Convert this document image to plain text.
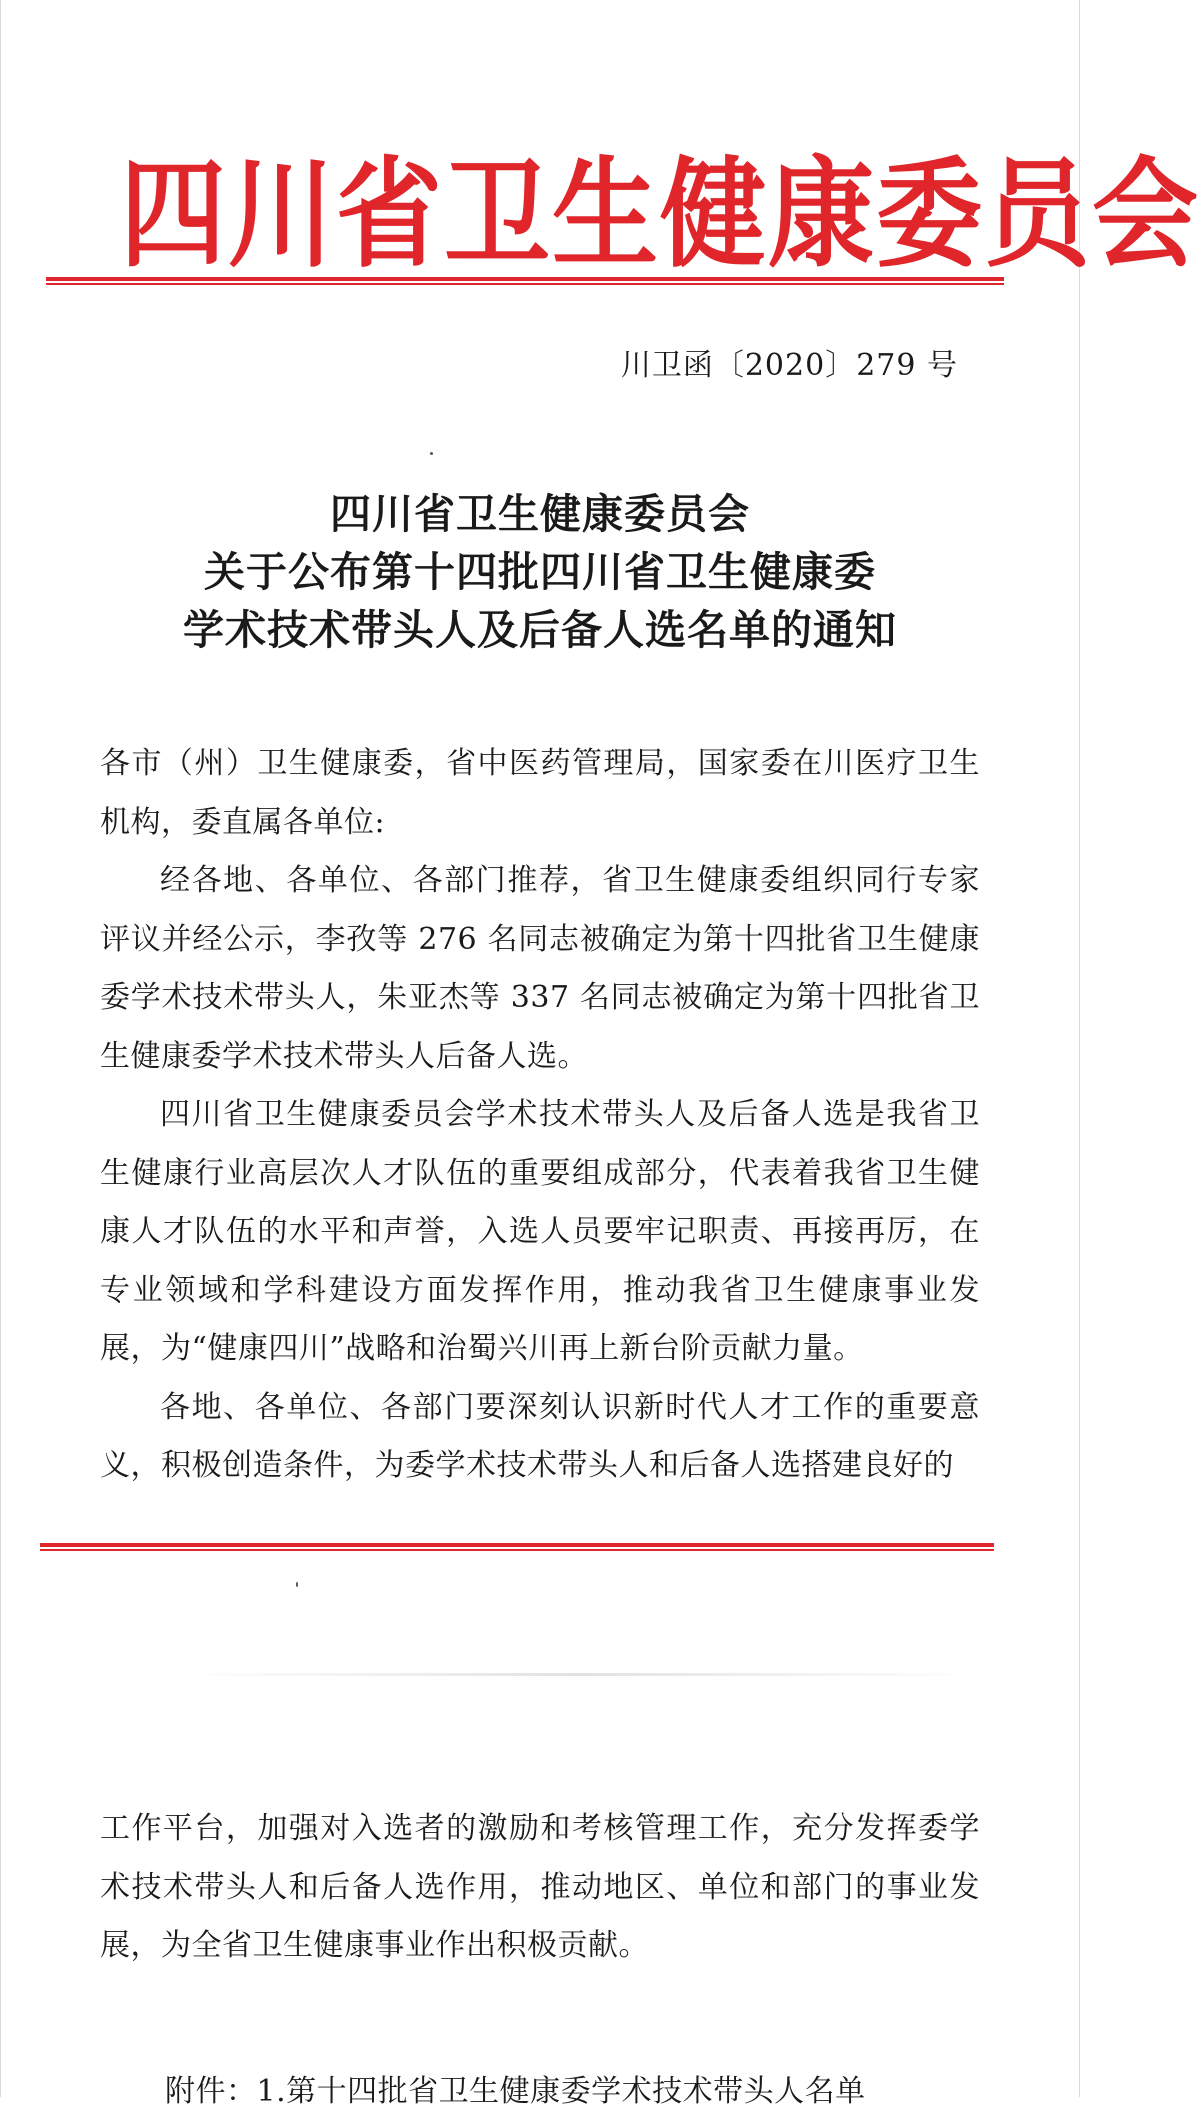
四川省卫生健康委员会
川卫函〔2020〕279 号
四川省卫生健康委员会
关于公布第十四批四川省卫生健康委
学术技术带头人及后备人选名单的通知

各市（州）卫生健康委，省中医药管理局，国家委在川医疗卫生机构，委直属各单位:

经各地、各单位、各部门推荐，省卫生健康委组织同行专家评议并经公示，李孜等 276 名同志被确定为第十四批省卫生健康委学术技术带头人，朱亚杰等 337 名同志被确定为第十四批省卫生健康委学术技术带头人后备人选。

四川省卫生健康委员会学术技术带头人及后备人选是我省卫生健康行业高层次人才队伍的重要组成部分，代表着我省卫生健康人才队伍的水平和声誉，入选人员要牢记职责、再接再厉，在专业领域和学科建设方面发挥作用，推动我省卫生健康事业发展，为“健康四川”战略和治蜀兴川再上新台阶贡献力量。

各地、各单位、各部门要深刻认识新时代人才工作的重要意义，积极创造条件，为委学术技术带头人和后备人选搭建良好的

工作平台，加强对入选者的激励和考核管理工作，充分发挥委学术技术带头人和后备人选作用，推动地区、单位和部门的事业发展，为全省卫生健康事业作出积极贡献。

附件：1.第十四批省卫生健康委学术技术带头人名单
